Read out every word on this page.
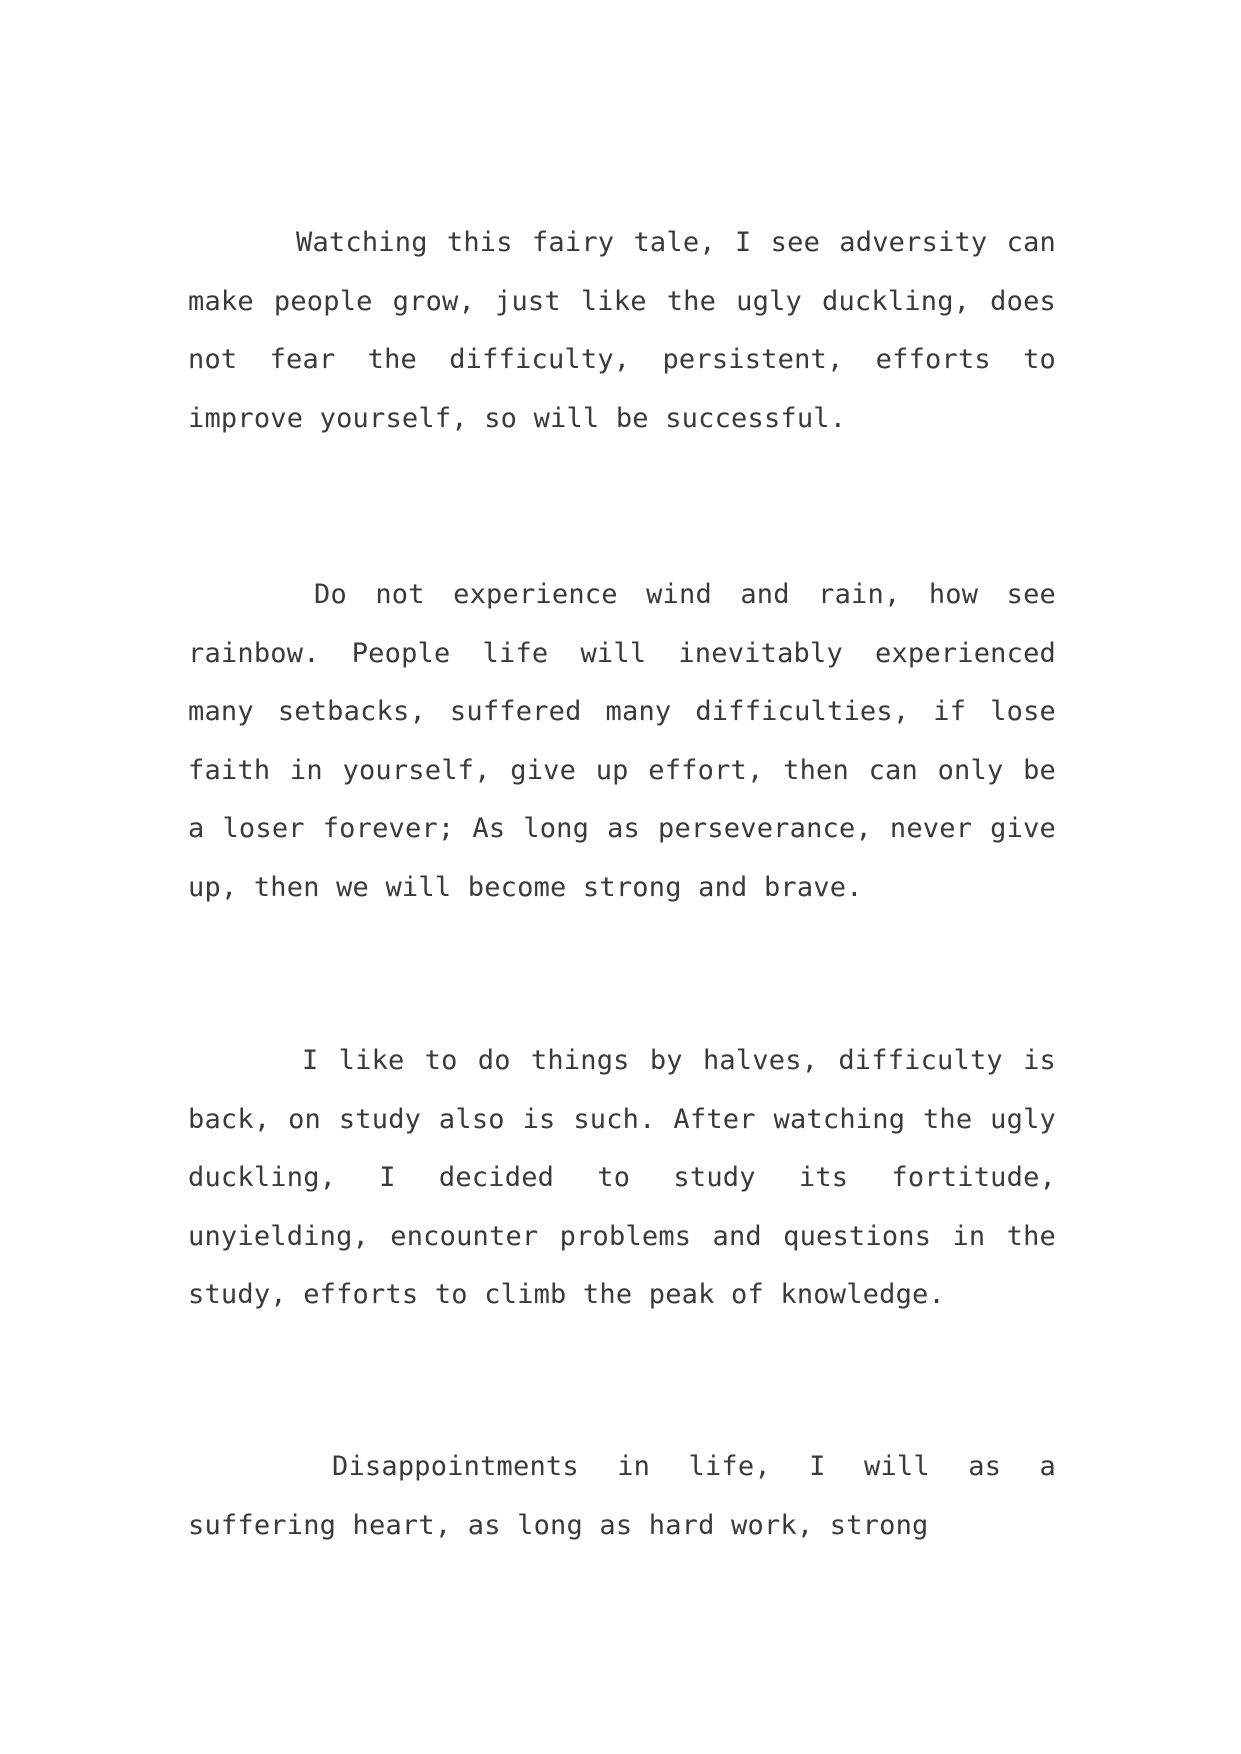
Watching this fairy tale, I see adversity can make people grow, just like the ugly duckling, does not fear the difficulty, persistent, efforts to improve yourself, so will be successful.

Do not experience wind and rain, how see rainbow. People life will inevitably experienced many setbacks, suffered many difficulties, if lose faith in yourself, give up effort, then can only be a loser forever; As long as perseverance, never give up, then we will become strong and brave.

I like to do things by halves, difficulty is back, on study also is such. After watching the ugly duckling, I decided to study its fortitude, unyielding, encounter problems and questions in the study, efforts to climb the peak of knowledge.

Disappointments in life, I will as a suffering heart, as long as hard work, strong
